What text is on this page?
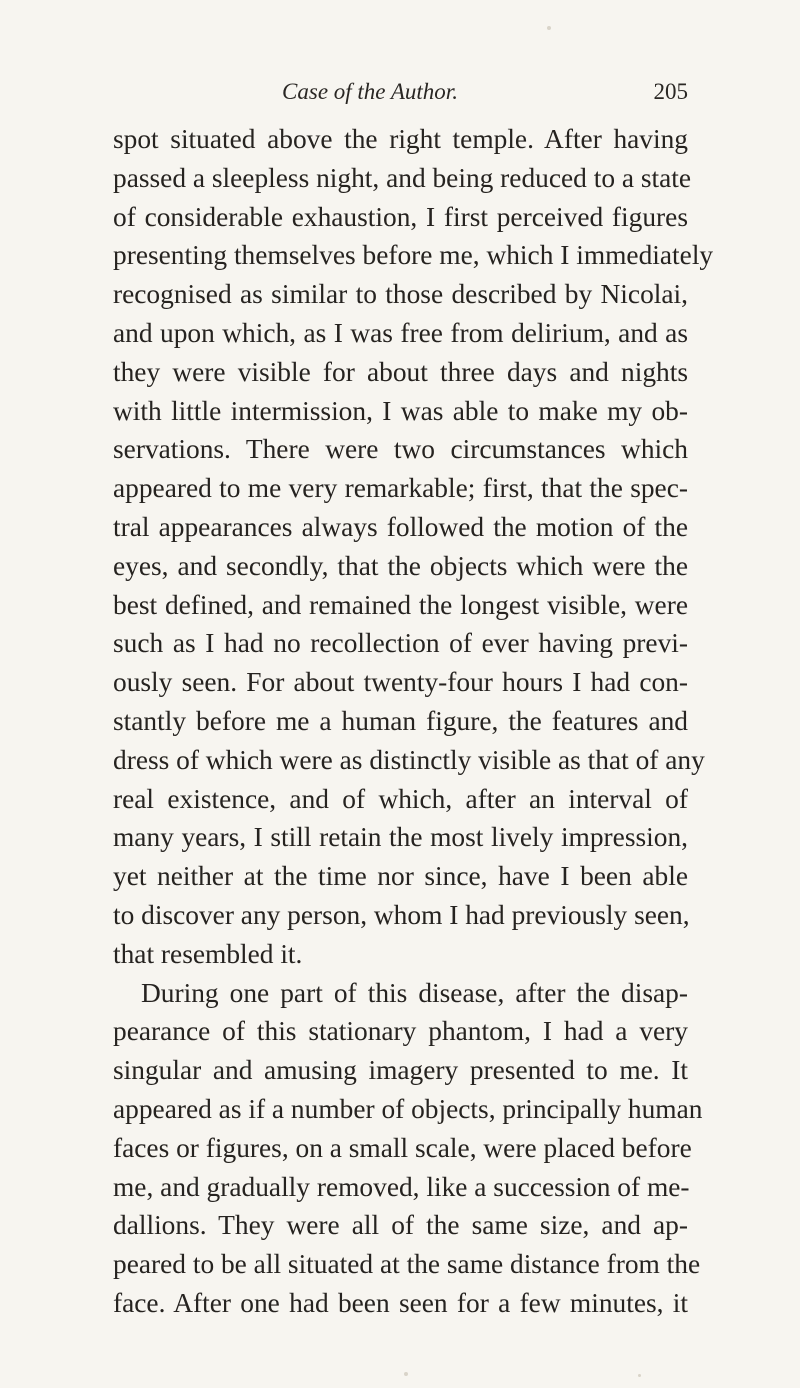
Case of the Author.	205
spot situated above the right temple. After having
passed a sleepless night, and being reduced to a state
of considerable exhaustion, I first perceived figures
presenting themselves before me, which I immediately
recognised as similar to those described by Nicolai,
and upon which, as I was free from delirium, and as
they were visible for about three days and nights
with little intermission, I was able to make my ob-
servations. There were two circumstances which
appeared to me very remarkable; first, that the spec-
tral appearances always followed the motion of the
eyes, and secondly, that the objects which were the
best defined, and remained the longest visible, were
such as I had no recollection of ever having previ-
ously seen. For about twenty-four hours I had con-
stantly before me a human figure, the features and
dress of which were as distinctly visible as that of any
real existence, and of which, after an interval of
many years, I still retain the most lively impression,
yet neither at the time nor since, have I been able
to discover any person, whom I had previously seen,
that resembled it.
During one part of this disease, after the disap-
pearance of this stationary phantom, I had a very
singular and amusing imagery presented to me. It
appeared as if a number of objects, principally human
faces or figures, on a small scale, were placed before
me, and gradually removed, like a succession of me-
dallions. They were all of the same size, and ap-
peared to be all situated at the same distance from the
face. After one had been seen for a few minutes, it
